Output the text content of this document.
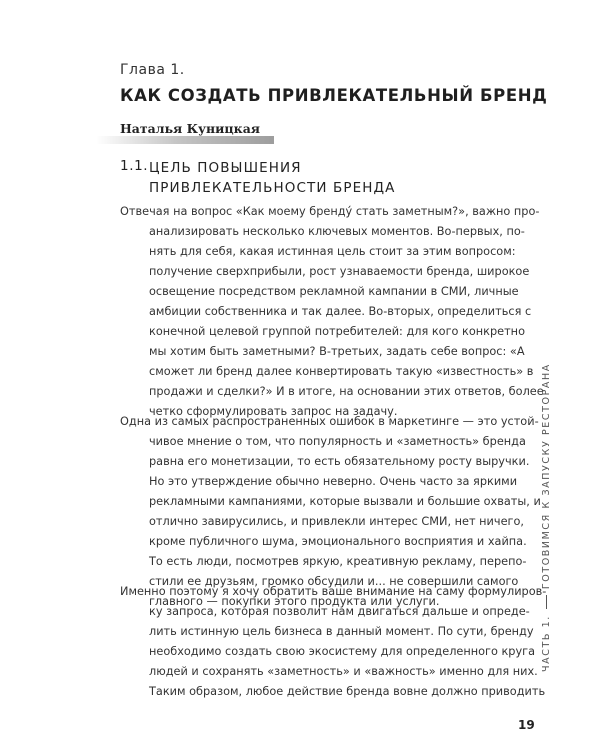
Глава 1.
КАК СОЗДАТЬ ПРИВЛЕКАТЕЛЬНЫЙ БРЕНД
Наталья Куницкая
1.1. ЦЕЛЬ ПОВЫШЕНИЯ
ПРИВЛЕКАТЕЛЬНОСТИ БРЕНДА
Отвечая на вопрос «Как моему бренду́ стать заметным?», важно про-
анализировать несколько ключевых моментов. Во-первых, по-
нять для себя, какая истинная цель стоит за этим вопросом:
получение сверхприбыли, рост узнаваемости бренда, широкое
освещение посредством рекламной кампании в СМИ, личные
амбиции собственника и так далее. Во-вторых, определиться с
конечной целевой группой потребителей: для кого конкретно
мы хотим быть заметными? В-третьих, задать себе вопрос: «А
сможет ли бренд далее конвертировать такую «известность» в
продажи и сделки?» И в итоге, на основании этих ответов, более
четко сформулировать запрос на задачу.
Одна из самых распространенных ошибок в маркетинге — это устой-
чивое мнение о том, что популярность и «заметность» бренда
равна его монетизации, то есть обязательному росту выручки.
Но это утверждение обычно неверно. Очень часто за яркими
рекламными кампаниями, которые вызвали и большие охваты, и
отлично завирусились, и привлекли интерес СМИ, нет ничего,
кроме публичного шума, эмоционального восприятия и хайпа.
То есть люди, посмотрев яркую, креативную рекламу, перепо-
стили ее друзьям, громко обсудили и... не совершили самого
главного — покупки этого продукта или услуги.
Именно поэтому я хочу обратить ваше внимание на саму формулиров-
ку запроса, которая позволит нам двигаться дальше и опреде-
лить истинную цель бизнеса в данный момент. По сути, бренду
необходимо создать свою экосистему для определенного круга
людей и сохранять «заметность» и «важность» именно для них.
Таким образом, любое действие бренда вовне должно приводить
ЧАСТЬ 1.ГОТОВИМСЯ К ЗАПУСКУ РЕСТОРАНА
19
